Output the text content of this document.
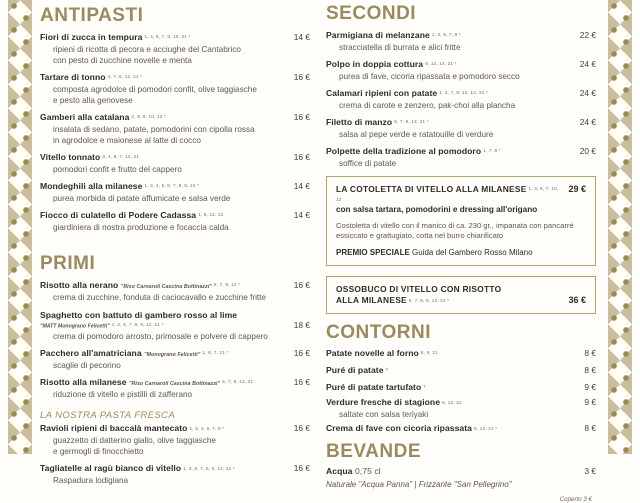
ANTIPASTI
Fiori di zucca in tempura 1, 4, 6, 7, 8, 10, 21 *	14 €
ripieni di ricotta di pecora e acciughe del Cantabrico
con pesto di zucchine novelle e menta
Tartare di tonno 4, 7, 8, 12, 21 *	16 €
composta agrodolce di pomodori confit, olive taggiasche
e pesto alla genovese
Gamberi alla catalana 2, 3, 9, 10, 12 *	16 €
insalata di sedano, patate, pomodorini con cipolla rossa
in agrodolce e maionese al latte di cocco
Vitello tonnato 3, 4, 6, 7, 12, 21	16 €
pomodori confit e frutto del cappero
Mondeghili alla milanese 1, 3, 4, 5, 6, 7, 8, 9, 21 *	14 €
purea morbida di patate affumicate e salsa verde
Fiocco di culatello di Podere Cadassa 1, 8, 12, 21	14 €
giardiniera di nostra produzione e focaccia calda
PRIMI
Risotto alla nerano "Riso Carnaroli Cascina Bottinazzi" 5, 7, 9, 12 *	16 €
crema di zucchine, fonduta di caciocavallo e zucchine fritte
Spaghetto con battuto di gambero rosso al lime
"MATT Monograno Felicetti" 1, 2, 6, 7, 8, 9, 12, 21 *	18 €
crema di pomodoro arrosto, primosale e polvere di cappero
Pacchero all'amatriciana "Monograno Felicetti" 1, 6, 7, 21 *	16 €
scaglie di pecorino
Risotto alla milanese "Riso Carnaroli Cascina Bottinazzi" 6, 7, 9, 12, 21	16 €
riduzione di vitello e pistilli di zafferano
LA NOSTRA PASTA FRESCA
Ravioli ripieni di baccalà mantecato 1, 3, 4, 6, 7, 8 *	16 €
guazzetto di datterino giallo, olive taggiasche
e germogli di finocchietto
Tagliatelle al ragù bianco di vitello 1, 3, 6, 7, 8, 9, 12, 21 *	16 €
Raspadura lodigiana
SECONDI
Parmigiana di melanzane 1, 4, 5, 7, 8 *	22 €
stracciatella di burrata e alici fritte
Polpo in doppia cottura 9, 12, 14, 21 *	24 €
purea di fave, cicoria ripassata e pomodoro secco
Calamari ripieni con patate 1, 4, 7, 8, 12, 14, 21 *	24 €
crema di carote e zenzero, pak-choi alla plancha
Filetto di manzo 6, 7, 9, 12, 21 *	24 €
salsa al pepe verde e ratatouille di verdure
Polpette della tradizione al pomodoro 1, 7, 8 *	20 €
soffice di patate
LA COTOLETTA DI VITELLO ALLA MILANESE 1, 3, 5, 7, 10, 12
29 €
con salsa tartara, pomodorini e dressing all'origano
Costoletta di vitello con il manico di ca. 230 gr., impanata con pancarré essiccato e grattugiato, cotta nel burro chiarificato
PREMIO SPECIALE Guida del Gambero Rosso Milano
OSSOBUCO DI VITELLO CON RISOTTO
ALLA MILANESE 6, 7, 8, 9, 12, 21 *	36 €
CONTORNI
Patate novelle al forno 5, 9, 21	8 €
Puré di patate 7	8 €
Puré di patate tartufato 7	9 €
Verdure fresche di stagione 6, 12, 21	9 €
saltate con salsa teriyaki
Crema di fave con cicoria ripassata 9, 12, 21 *	8 €
BEVANDE
Acqua 0,75 cl	3 €
Naturale "Acqua Panna" | Frizzante "San Pellegrino"
Coperto 3 €
